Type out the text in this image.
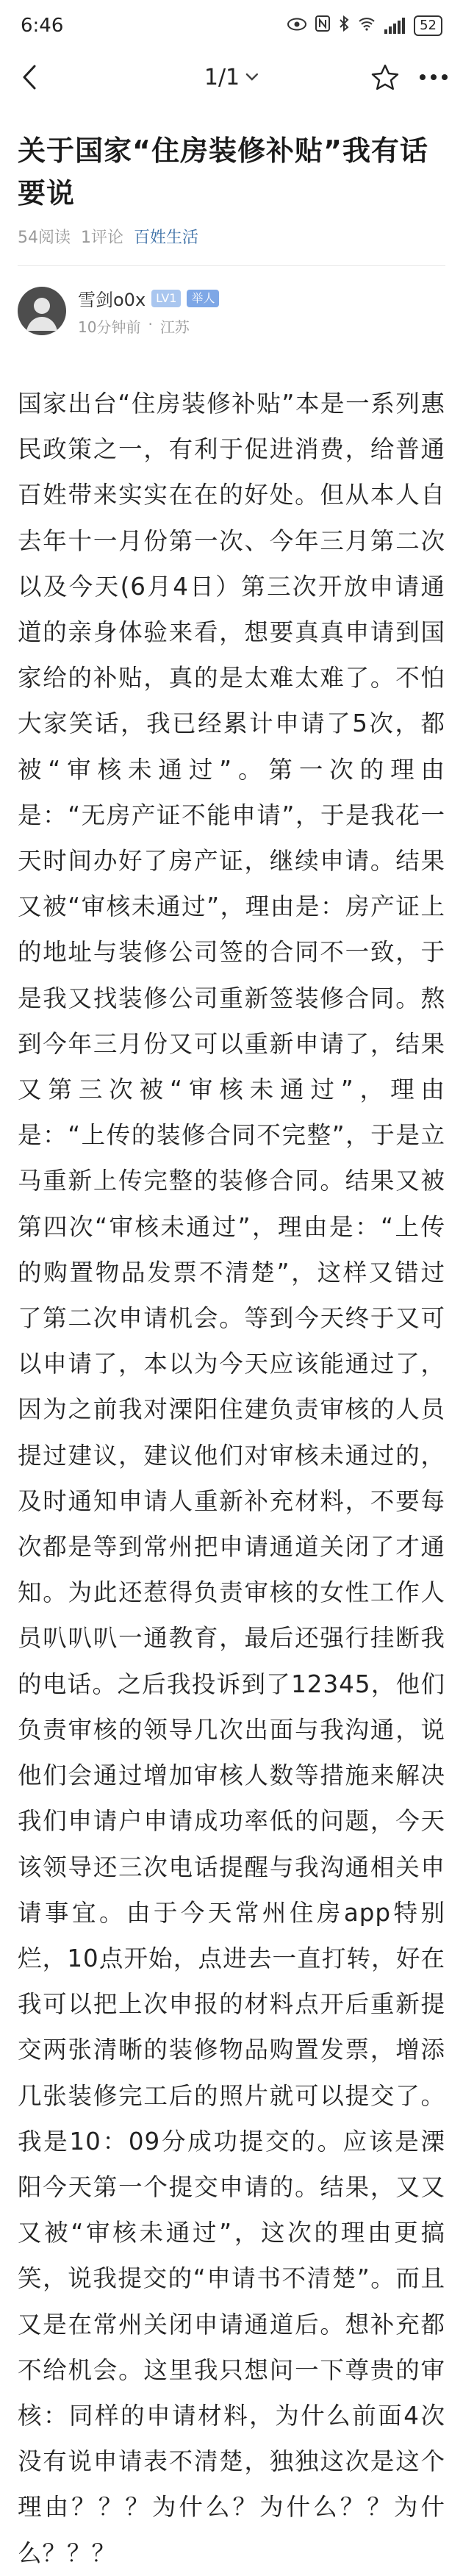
6:46	52
1/1
关于国家“住房装修补贴”我有话要说
54阅读 1评论 百姓生活
雪剑o0x LV1	举人
10分钟前 · 江苏
国家出台“住房装修补贴”本是一系列惠民政策之一，有利于促进消费，给普通百姓带来实实在在的好处。但从本人自去年十一月份第一次、今年三月第二次以及今天(6月4日）第三次开放申请通道的亲身体验来看，想要真真申请到国家给的补贴，真的是太难太难了。不怕大家笑话，我已经累计申请了5次，都被“审核未通过”。第一次的理由是：“无房产证不能申请”，于是我花一天时间办好了房产证，继续申请。结果又被“审核未通过”，理由是：房产证上的地址与装修公司签的合同不一致，于是我又找装修公司重新签装修合同。熬到今年三月份又可以重新申请了，结果又第三次被“审核未通过”，理由是：“上传的装修合同不完整”，于是立马重新上传完整的装修合同。结果又被第四次“审核未通过”，理由是：“上传的购置物品发票不清楚”，这样又错过了第二次申请机会。等到今天终于又可以申请了，本以为今天应该能通过了，因为之前我对溧阳住建负责审核的人员提过建议，建议他们对审核未通过的，及时通知申请人重新补充材料，不要每次都是等到常州把申请通道关闭了才通知。为此还惹得负责审核的女性工作人员叭叭叭一通教育，最后还强行挂断我的电话。之后我投诉到了12345，他们负责审核的领导几次出面与我沟通，说他们会通过增加审核人数等措施来解决我们申请户申请成功率低的问题，今天该领导还三次电话提醒与我沟通相关申请事宜。由于今天常州住房app特别烂，10点开始，点进去一直打转，好在我可以把上次申报的材料点开后重新提交两张清晰的装修物品购置发票，增添几张装修完工后的照片就可以提交了。我是10：09分成功提交的。应该是溧阳今天第一个提交申请的。结果，又又又被“审核未通过”，这次的理由更搞笑，说我提交的“申请书不清楚”。而且又是在常州关闭申请通道后。想补充都不给机会。这里我只想问一下尊贵的审核：同样的申请材料，为什么前面4次没有说申请表不清楚，独独这次是这个理由？？？为什么？为什么？？为什么？？？
